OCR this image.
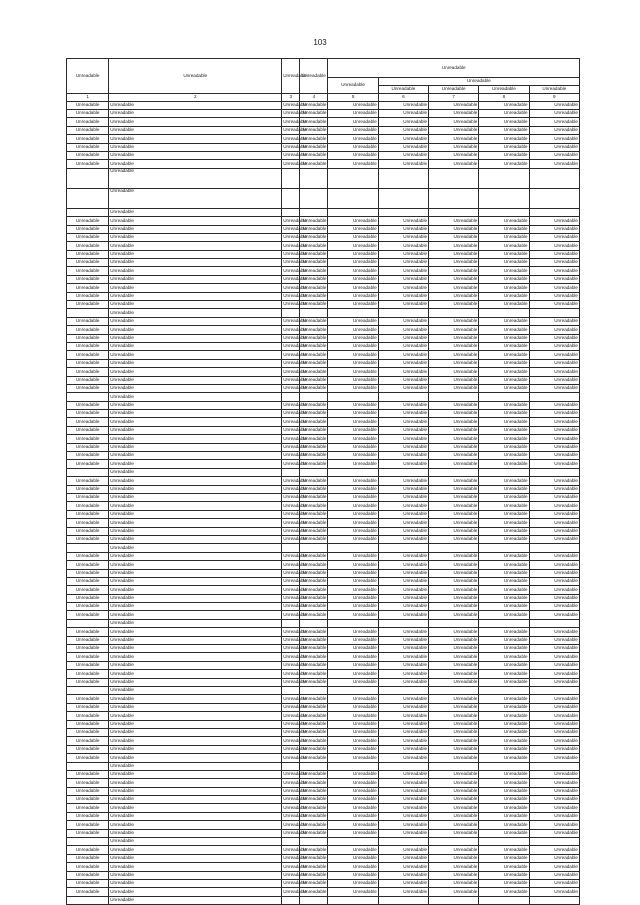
103
Unreadable	Unreadable	Unreadable	Unreadable	Unreadable				
				Unreadable	Unreadable			
					Unreadable	Unreadable	Unreadable	Unreadable
1	2	3	4	5	6	7	8	9
Unreadable	Unreadable	Unreadable	Unreadable	Unreadable	Unreadable	Unreadable	Unreadable	Unreadable
Unreadable	Unreadable	Unreadable	Unreadable	Unreadable	Unreadable	Unreadable	Unreadable	Unreadable
Unreadable	Unreadable	Unreadable	Unreadable	Unreadable	Unreadable	Unreadable	Unreadable	Unreadable
Unreadable	Unreadable	Unreadable	Unreadable	Unreadable	Unreadable	Unreadable	Unreadable	Unreadable
Unreadable	Unreadable	Unreadable	Unreadable	Unreadable	Unreadable	Unreadable	Unreadable	Unreadable
Unreadable	Unreadable	Unreadable	Unreadable	Unreadable	Unreadable	Unreadable	Unreadable	Unreadable
Unreadable	Unreadable	Unreadable	Unreadable	Unreadable	Unreadable	Unreadable	Unreadable	Unreadable
Unreadable	Unreadable	Unreadable	Unreadable	Unreadable	Unreadable	Unreadable	Unreadable	Unreadable
	Unreadable							
	Unreadable							
	Unreadable							
Unreadable	Unreadable	Unreadable	Unreadable	Unreadable	Unreadable	Unreadable	Unreadable	Unreadable
Unreadable	Unreadable	Unreadable	Unreadable	Unreadable	Unreadable	Unreadable	Unreadable	Unreadable
Unreadable	Unreadable	Unreadable	Unreadable	Unreadable	Unreadable	Unreadable	Unreadable	Unreadable
Unreadable	Unreadable	Unreadable	Unreadable	Unreadable	Unreadable	Unreadable	Unreadable	Unreadable
Unreadable	Unreadable	Unreadable	Unreadable	Unreadable	Unreadable	Unreadable	Unreadable	Unreadable
Unreadable	Unreadable	Unreadable	Unreadable	Unreadable	Unreadable	Unreadable	Unreadable	Unreadable
Unreadable	Unreadable	Unreadable	Unreadable	Unreadable	Unreadable	Unreadable	Unreadable	Unreadable
Unreadable	Unreadable	Unreadable	Unreadable	Unreadable	Unreadable	Unreadable	Unreadable	Unreadable
Unreadable	Unreadable	Unreadable	Unreadable	Unreadable	Unreadable	Unreadable	Unreadable	Unreadable
Unreadable	Unreadable	Unreadable	Unreadable	Unreadable	Unreadable	Unreadable	Unreadable	Unreadable
Unreadable	Unreadable	Unreadable	Unreadable	Unreadable	Unreadable	Unreadable	Unreadable	Unreadable
	Unreadable							
Unreadable	Unreadable	Unreadable	Unreadable	Unreadable	Unreadable	Unreadable	Unreadable	Unreadable
Unreadable	Unreadable	Unreadable	Unreadable	Unreadable	Unreadable	Unreadable	Unreadable	Unreadable
Unreadable	Unreadable	Unreadable	Unreadable	Unreadable	Unreadable	Unreadable	Unreadable	Unreadable
Unreadable	Unreadable	Unreadable	Unreadable	Unreadable	Unreadable	Unreadable	Unreadable	Unreadable
Unreadable	Unreadable	Unreadable	Unreadable	Unreadable	Unreadable	Unreadable	Unreadable	Unreadable
Unreadable	Unreadable	Unreadable	Unreadable	Unreadable	Unreadable	Unreadable	Unreadable	Unreadable
Unreadable	Unreadable	Unreadable	Unreadable	Unreadable	Unreadable	Unreadable	Unreadable	Unreadable
Unreadable	Unreadable	Unreadable	Unreadable	Unreadable	Unreadable	Unreadable	Unreadable	Unreadable
Unreadable	Unreadable	Unreadable	Unreadable	Unreadable	Unreadable	Unreadable	Unreadable	Unreadable
	Unreadable							
Unreadable	Unreadable	Unreadable	Unreadable	Unreadable	Unreadable	Unreadable	Unreadable	Unreadable
Unreadable	Unreadable	Unreadable	Unreadable	Unreadable	Unreadable	Unreadable	Unreadable	Unreadable
Unreadable	Unreadable	Unreadable	Unreadable	Unreadable	Unreadable	Unreadable	Unreadable	Unreadable
Unreadable	Unreadable	Unreadable	Unreadable	Unreadable	Unreadable	Unreadable	Unreadable	Unreadable
Unreadable	Unreadable	Unreadable	Unreadable	Unreadable	Unreadable	Unreadable	Unreadable	Unreadable
Unreadable	Unreadable	Unreadable	Unreadable	Unreadable	Unreadable	Unreadable	Unreadable	Unreadable
Unreadable	Unreadable	Unreadable	Unreadable	Unreadable	Unreadable	Unreadable	Unreadable	Unreadable
Unreadable	Unreadable	Unreadable	Unreadable	Unreadable	Unreadable	Unreadable	Unreadable	Unreadable
	Unreadable							
Unreadable	Unreadable	Unreadable	Unreadable	Unreadable	Unreadable	Unreadable	Unreadable	Unreadable
Unreadable	Unreadable	Unreadable	Unreadable	Unreadable	Unreadable	Unreadable	Unreadable	Unreadable
Unreadable	Unreadable	Unreadable	Unreadable	Unreadable	Unreadable	Unreadable	Unreadable	Unreadable
Unreadable	Unreadable	Unreadable	Unreadable	Unreadable	Unreadable	Unreadable	Unreadable	Unreadable
Unreadable	Unreadable	Unreadable	Unreadable	Unreadable	Unreadable	Unreadable	Unreadable	Unreadable
Unreadable	Unreadable	Unreadable	Unreadable	Unreadable	Unreadable	Unreadable	Unreadable	Unreadable
Unreadable	Unreadable	Unreadable	Unreadable	Unreadable	Unreadable	Unreadable	Unreadable	Unreadable
Unreadable	Unreadable	Unreadable	Unreadable	Unreadable	Unreadable	Unreadable	Unreadable	Unreadable
	Unreadable							
Unreadable	Unreadable	Unreadable	Unreadable	Unreadable	Unreadable	Unreadable	Unreadable	Unreadable
Unreadable	Unreadable	Unreadable	Unreadable	Unreadable	Unreadable	Unreadable	Unreadable	Unreadable
Unreadable	Unreadable	Unreadable	Unreadable	Unreadable	Unreadable	Unreadable	Unreadable	Unreadable
Unreadable	Unreadable	Unreadable	Unreadable	Unreadable	Unreadable	Unreadable	Unreadable	Unreadable
Unreadable	Unreadable	Unreadable	Unreadable	Unreadable	Unreadable	Unreadable	Unreadable	Unreadable
Unreadable	Unreadable	Unreadable	Unreadable	Unreadable	Unreadable	Unreadable	Unreadable	Unreadable
Unreadable	Unreadable	Unreadable	Unreadable	Unreadable	Unreadable	Unreadable	Unreadable	Unreadable
Unreadable	Unreadable	Unreadable	Unreadable	Unreadable	Unreadable	Unreadable	Unreadable	Unreadable
	Unreadable							
Unreadable	Unreadable	Unreadable	Unreadable	Unreadable	Unreadable	Unreadable	Unreadable	Unreadable
Unreadable	Unreadable	Unreadable	Unreadable	Unreadable	Unreadable	Unreadable	Unreadable	Unreadable
Unreadable	Unreadable	Unreadable	Unreadable	Unreadable	Unreadable	Unreadable	Unreadable	Unreadable
Unreadable	Unreadable	Unreadable	Unreadable	Unreadable	Unreadable	Unreadable	Unreadable	Unreadable
Unreadable	Unreadable	Unreadable	Unreadable	Unreadable	Unreadable	Unreadable	Unreadable	Unreadable
Unreadable	Unreadable	Unreadable	Unreadable	Unreadable	Unreadable	Unreadable	Unreadable	Unreadable
Unreadable	Unreadable	Unreadable	Unreadable	Unreadable	Unreadable	Unreadable	Unreadable	Unreadable
	Unreadable							
Unreadable	Unreadable	Unreadable	Unreadable	Unreadable	Unreadable	Unreadable	Unreadable	Unreadable
Unreadable	Unreadable	Unreadable	Unreadable	Unreadable	Unreadable	Unreadable	Unreadable	Unreadable
Unreadable	Unreadable	Unreadable	Unreadable	Unreadable	Unreadable	Unreadable	Unreadable	Unreadable
Unreadable	Unreadable	Unreadable	Unreadable	Unreadable	Unreadable	Unreadable	Unreadable	Unreadable
Unreadable	Unreadable	Unreadable	Unreadable	Unreadable	Unreadable	Unreadable	Unreadable	Unreadable
Unreadable	Unreadable	Unreadable	Unreadable	Unreadable	Unreadable	Unreadable	Unreadable	Unreadable
Unreadable	Unreadable	Unreadable	Unreadable	Unreadable	Unreadable	Unreadable	Unreadable	Unreadable
Unreadable	Unreadable	Unreadable	Unreadable	Unreadable	Unreadable	Unreadable	Unreadable	Unreadable
	Unreadable							
Unreadable	Unreadable	Unreadable	Unreadable	Unreadable	Unreadable	Unreadable	Unreadable	Unreadable
Unreadable	Unreadable	Unreadable	Unreadable	Unreadable	Unreadable	Unreadable	Unreadable	Unreadable
Unreadable	Unreadable	Unreadable	Unreadable	Unreadable	Unreadable	Unreadable	Unreadable	Unreadable
Unreadable	Unreadable	Unreadable	Unreadable	Unreadable	Unreadable	Unreadable	Unreadable	Unreadable
Unreadable	Unreadable	Unreadable	Unreadable	Unreadable	Unreadable	Unreadable	Unreadable	Unreadable
Unreadable	Unreadable	Unreadable	Unreadable	Unreadable	Unreadable	Unreadable	Unreadable	Unreadable
Unreadable	Unreadable	Unreadable	Unreadable	Unreadable	Unreadable	Unreadable	Unreadable	Unreadable
Unreadable	Unreadable	Unreadable	Unreadable	Unreadable	Unreadable	Unreadable	Unreadable	Unreadable
	Unreadable							
Unreadable	Unreadable	Unreadable	Unreadable	Unreadable	Unreadable	Unreadable	Unreadable	Unreadable
Unreadable	Unreadable	Unreadable	Unreadable	Unreadable	Unreadable	Unreadable	Unreadable	Unreadable
Unreadable	Unreadable	Unreadable	Unreadable	Unreadable	Unreadable	Unreadable	Unreadable	Unreadable
Unreadable	Unreadable	Unreadable	Unreadable	Unreadable	Unreadable	Unreadable	Unreadable	Unreadable
Unreadable	Unreadable	Unreadable	Unreadable	Unreadable	Unreadable	Unreadable	Unreadable	Unreadable
Unreadable	Unreadable	Unreadable	Unreadable	Unreadable	Unreadable	Unreadable	Unreadable	Unreadable
	Unreadable							
